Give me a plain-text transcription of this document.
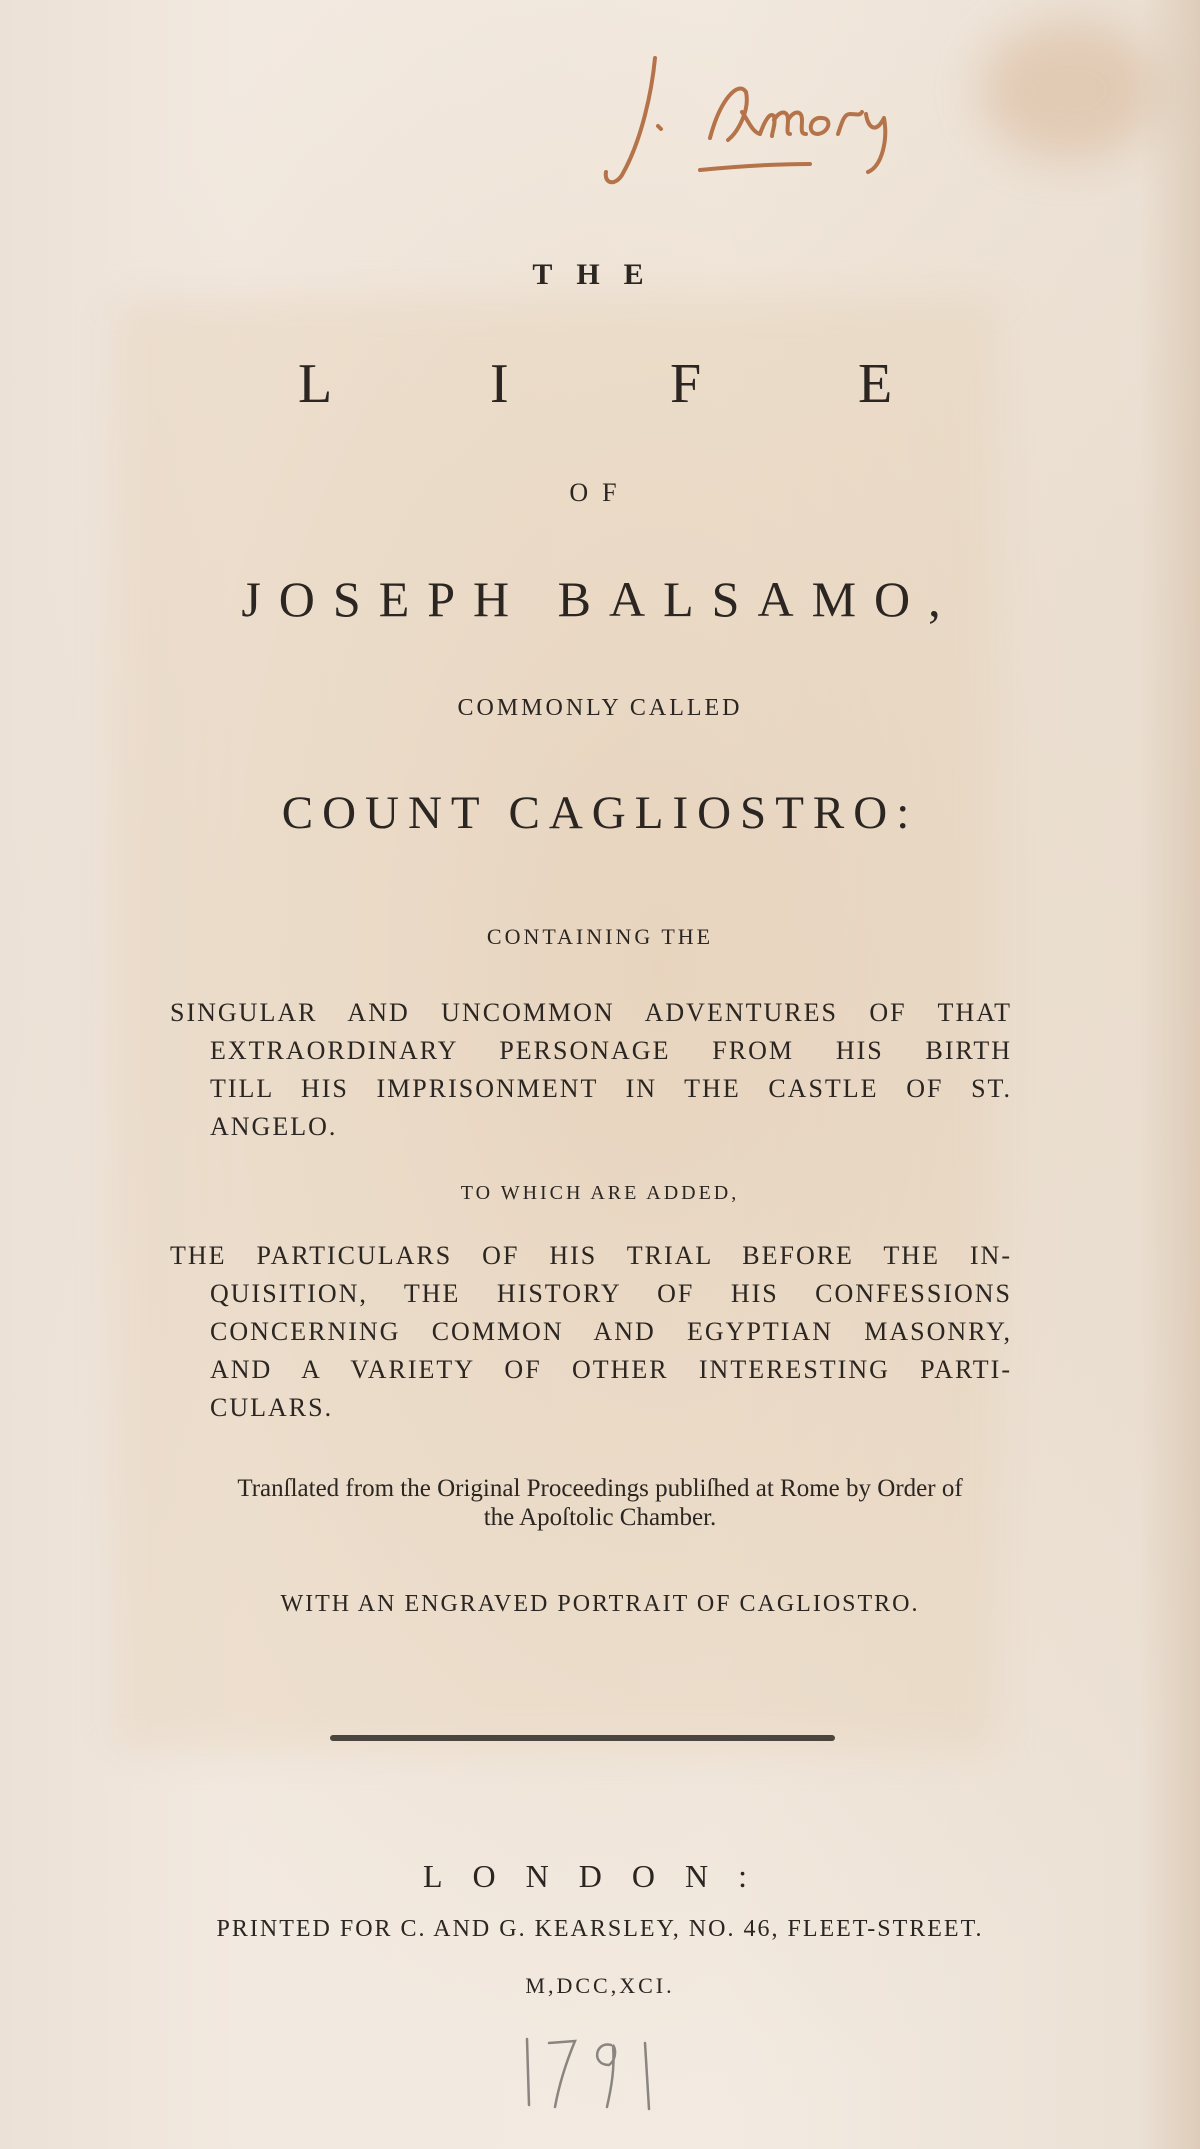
THE
L	I	F	E
OF
JOSEPH BALSAMO,
COMMONLY CALLED
COUNT CAGLIOSTRO:
CONTAINING THE
SINGULAR AND UNCOMMON ADVENTURES OF THAT
EXTRAORDINARY PERSONAGE FROM HIS BIRTH
TILL HIS IMPRISONMENT IN THE CASTLE OF ST.
ANGELO.
TO WHICH ARE ADDED,
THE PARTICULARS OF HIS TRIAL BEFORE THE IN-
QUISITION, THE HISTORY OF HIS CONFESSIONS
CONCERNING COMMON AND EGYPTIAN MASONRY,
AND A VARIETY OF OTHER INTERESTING PARTI-
CULARS.
Tranſlated from the Original Proceedings publiſhed at Rome by Order of
the Apoſtolic Chamber.
WITH AN ENGRAVED PORTRAIT OF CAGLIOSTRO.
LONDON:
PRINTED FOR C. AND G. KEARSLEY, NO. 46, FLEET-STREET.
M,DCC,XCI.
